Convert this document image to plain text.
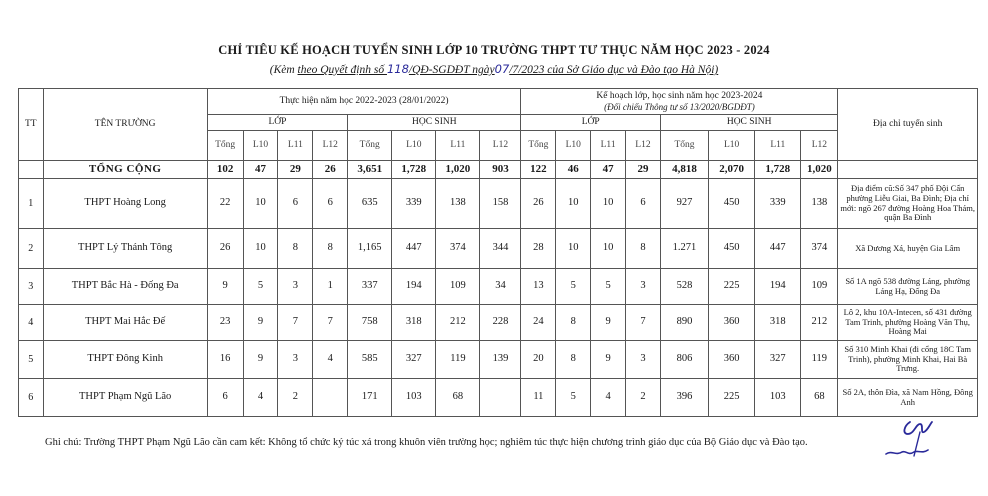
CHỈ TIÊU KẾ HOẠCH TUYỂN SINH LỚP 10 TRƯỜNG THPT TƯ THỤC NĂM HỌC 2023 - 2024
(Kèm theo Quyết định số 118/QĐ-SGDĐT ngày07/7/2023 của Sở Giáo dục và Đào tạo Hà Nội)
TT	TÊN TRƯỜNG	Thực hiện năm học 2022-2023 (28/01/2022)								Kế hoạch lớp, học sinh năm học 2023-2024
(Đối chiếu Thông tư số 13/2020/BGDĐT)								Địa chỉ tuyển sinh
		LỚP				HỌC SINH				LỚP				HỌC SINH				
		Tổng	L10	L11	L12	Tổng	L10	L11	L12	Tổng	L10	L11	L12	Tổng	L10	L11	L12	
	TỔNG CỘNG	102	47	29	26	3,651	1,728	1,020	903	122	46	47	29	4,818	2,070	1,728	1,020	
1	THPT Hoàng Long	22	10	6	6	635	339	138	158	26	10	10	6	927	450	339	138	Địa điểm cũ:Số 347 phố Đội Cấn phường Liễu Giai, Ba Đình; Địa chỉ mới: ngõ 267 đường Hoàng Hoa Thám, quận Ba Đình
2	THPT Lý Thánh Tông	26	10	8	8	1,165	447	374	344	28	10	10	8	1.271	450	447	374	Xã Dương Xá, huyện Gia Lâm
3	THPT Bắc Hà - Đống Đa	9	5	3	1	337	194	109	34	13	5	5	3	528	225	194	109	Số 1A ngõ 538 đường Láng, phường Láng Hạ, Đống Đa
4	THPT Mai Hắc Đế	23	9	7	7	758	318	212	228	24	8	9	7	890	360	318	212	Lô 2, khu 10A-Intecen, số 431 đường Tam Trinh, phường Hoàng Văn Thụ, Hoàng Mai
5	THPT Đông Kinh	16	9	3	4	585	327	119	139	20	8	9	3	806	360	327	119	Số 310 Minh Khai (đi cổng 18C Tam Trinh), phường Minh Khai, Hai Bà Trưng.
6	THPT Phạm Ngũ Lão	6	4	2		171	103	68		11	5	4	2	396	225	103	68	Số 2A, thôn Đìa, xã Nam Hồng, Đông Anh
Ghi chú: Trường THPT Phạm Ngũ Lão cần cam kết: Không tổ chức ký túc xá trong khuôn viên trường học; nghiêm túc thực hiện chương trình giáo dục của Bộ Giáo dục và Đào tạo.
